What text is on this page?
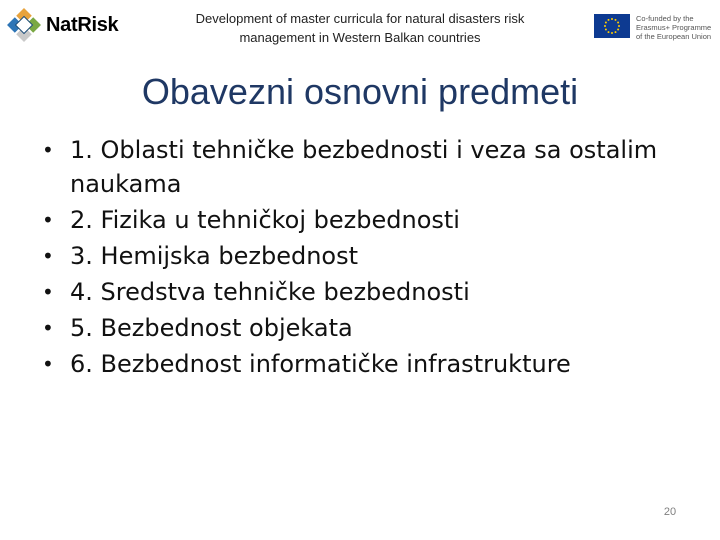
NatRisk	Development of master curricula for natural disasters risk
management in Western Balkan countries
Co-funded by the Erasmus+ Programme of the European Union
Obavezni osnovni predmeti
• 1. Oblasti tehničke bezbednosti i veza sa ostalim naukama
• 2. Fizika u tehničkoj bezbednosti
• 3. Hemijska bezbednost
• 4. Sredstva tehničke bezbednosti
• 5. Bezbednost objekata
• 6. Bezbednost informatičke infrastrukture
20
